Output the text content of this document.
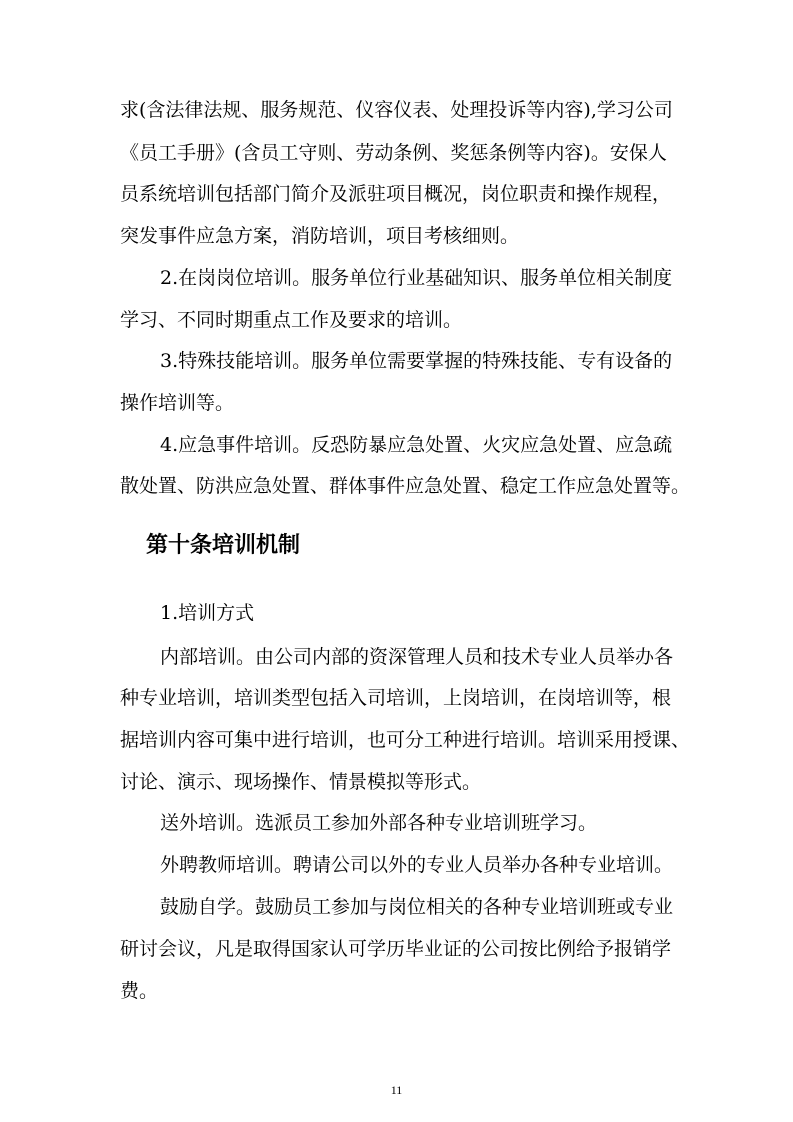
求(含法律法规、服务规范、仪容仪表、处理投诉等内容),学习公司
《员工手册》(含员工守则、劳动条例、奖惩条例等内容)。安保人
员系统培训包括部门简介及派驻项目概况，岗位职责和操作规程，
突发事件应急方案，消防培训，项目考核细则。
2.在岗岗位培训。服务单位行业基础知识、服务单位相关制度
学习、不同时期重点工作及要求的培训。
3.特殊技能培训。服务单位需要掌握的特殊技能、专有设备的
操作培训等。
4.应急事件培训。反恐防暴应急处置、火灾应急处置、应急疏
散处置、防洪应急处置、群体事件应急处置、稳定工作应急处置等。
第十条培训机制
1.培训方式
内部培训。由公司内部的资深管理人员和技术专业人员举办各
种专业培训，培训类型包括入司培训，上岗培训，在岗培训等，根
据培训内容可集中进行培训，也可分工种进行培训。培训采用授课、
讨论、演示、现场操作、情景模拟等形式。
送外培训。选派员工参加外部各种专业培训班学习。
外聘教师培训。聘请公司以外的专业人员举办各种专业培训。
鼓励自学。鼓励员工参加与岗位相关的各种专业培训班或专业
研讨会议，凡是取得国家认可学历毕业证的公司按比例给予报销学
费。
11
